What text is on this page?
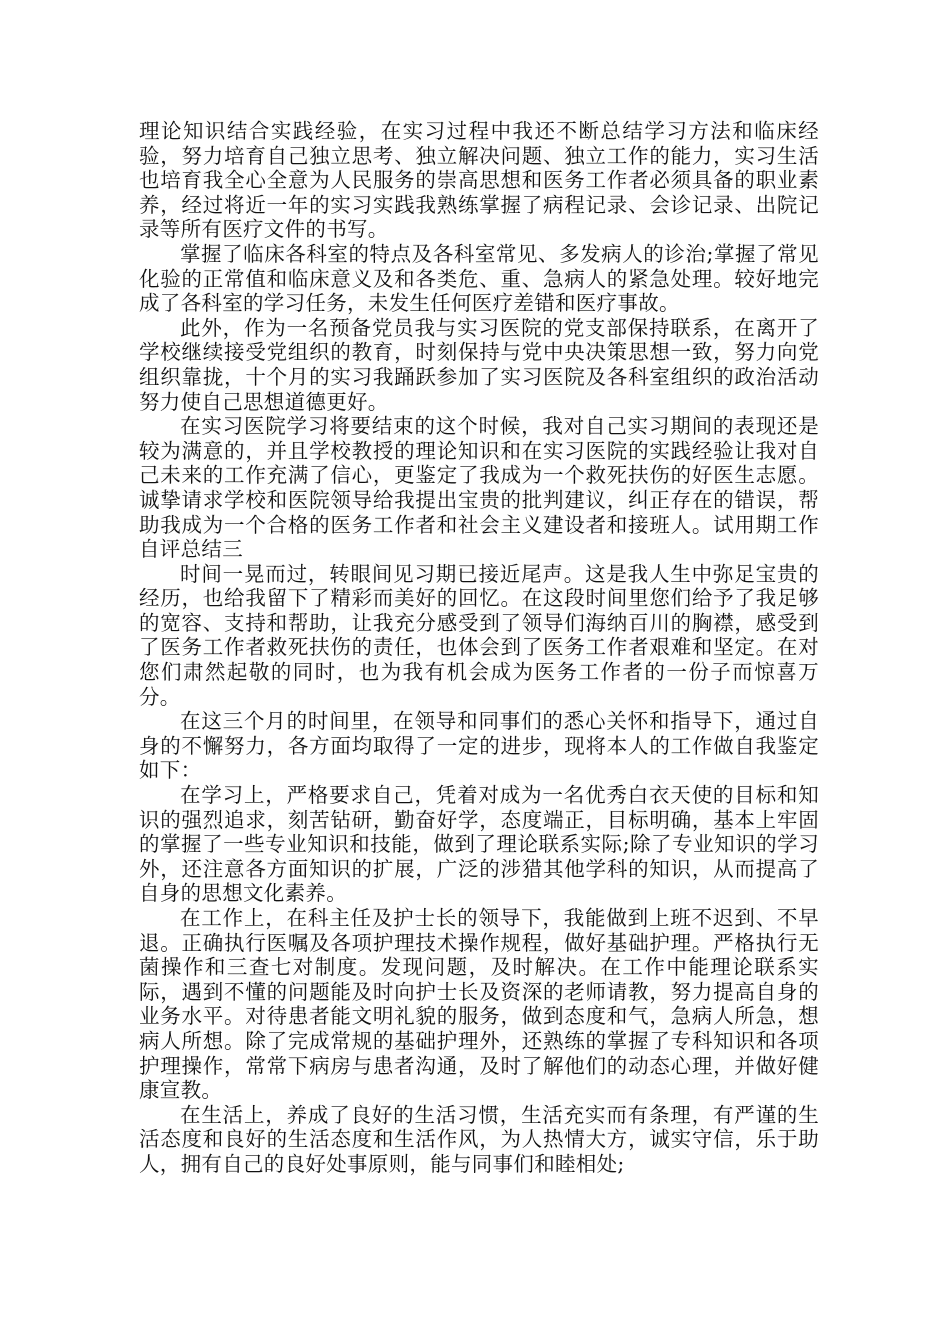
理论知识结合实践经验，在实习过程中我还不断总结学习方法和临床经验，努力培育自己独立思考、独立解决问题、独立工作的能力，实习生活也培育我全心全意为人民服务的崇高思想和医务工作者必须具备的职业素养，经过将近一年的实习实践我熟练掌握了病程记录、会诊记录、出院记录等所有医疗文件的书写。

掌握了临床各科室的特点及各科室常见、多发病人的诊治;掌握了常见化验的正常值和临床意义及和各类危、重、急病人的紧急处理。较好地完成了各科室的学习任务，未发生任何医疗差错和医疗事故。

此外，作为一名预备党员我与实习医院的党支部保持联系，在离开了学校继续接受党组织的教育，时刻保持与党中央决策思想一致，努力向党组织靠拢，十个月的实习我踊跃参加了实习医院及各科室组织的政治活动努力使自己思想道德更好。

在实习医院学习将要结束的这个时候，我对自己实习期间的表现还是较为满意的，并且学校教授的理论知识和在实习医院的实践经验让我对自己未来的工作充满了信心，更鉴定了我成为一个救死扶伤的好医生志愿。诚挚请求学校和医院领导给我提出宝贵的批判建议，纠正存在的错误，帮助我成为一个合格的医务工作者和社会主义建设者和接班人。试用期工作自评总结三

时间一晃而过，转眼间见习期已接近尾声。这是我人生中弥足宝贵的经历，也给我留下了精彩而美好的回忆。在这段时间里您们给予了我足够的宽容、支持和帮助，让我充分感受到了领导们海纳百川的胸襟，感受到了医务工作者救死扶伤的责任，也体会到了医务工作者艰难和坚定。在对您们肃然起敬的同时，也为我有机会成为医务工作者的一份子而惊喜万分。

在这三个月的时间里，在领导和同事们的悉心关怀和指导下，通过自身的不懈努力，各方面均取得了一定的进步，现将本人的工作做自我鉴定如下：

在学习上，严格要求自己，凭着对成为一名优秀白衣天使的目标和知识的强烈追求，刻苦钻研，勤奋好学，态度端正，目标明确，基本上牢固的掌握了一些专业知识和技能，做到了理论联系实际;除了专业知识的学习外，还注意各方面知识的扩展，广泛的涉猎其他学科的知识，从而提高了自身的思想文化素养。

在工作上，在科主任及护士长的领导下，我能做到上班不迟到、不早退。正确执行医嘱及各项护理技术操作规程，做好基础护理。严格执行无菌操作和三查七对制度。发现问题，及时解决。在工作中能理论联系实际，遇到不懂的问题能及时向护士长及资深的老师请教，努力提高自身的业务水平。对待患者能文明礼貌的服务，做到态度和气，急病人所急，想病人所想。除了完成常规的基础护理外，还熟练的掌握了专科知识和各项护理操作，常常下病房与患者沟通，及时了解他们的动态心理，并做好健康宣教。

在生活上，养成了良好的生活习惯，生活充实而有条理，有严谨的生活态度和良好的生活态度和生活作风，为人热情大方，诚实守信，乐于助人，拥有自己的良好处事原则，能与同事们和睦相处;
